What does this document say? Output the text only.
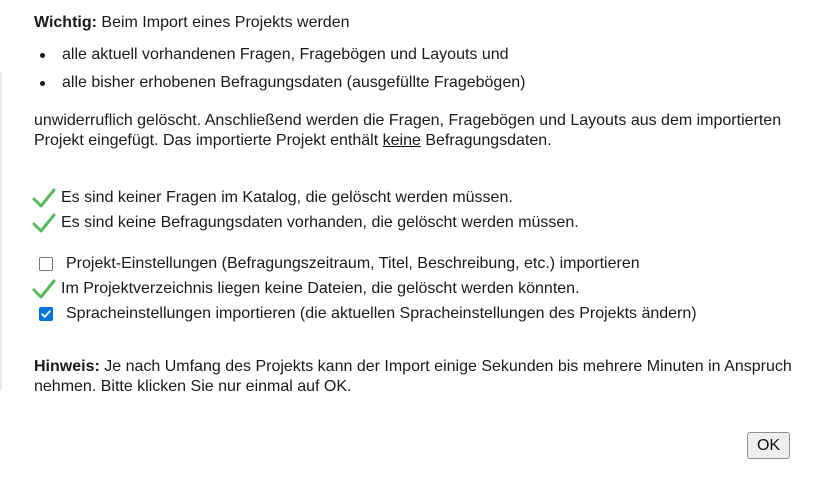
Wichtig: Beim Import eines Projekts werden
alle aktuell vorhandenen Fragen, Fragebögen und Layouts und
alle bisher erhobenen Befragungsdaten (ausgefüllte Fragebögen)
unwiderruflich gelöscht. Anschließend werden die Fragen, Fragebögen und Layouts aus dem importierten Projekt eingefügt. Das importierte Projekt enthält keine Befragungsdaten.
Es sind keiner Fragen im Katalog, die gelöscht werden müssen.
Es sind keine Befragungsdaten vorhanden, die gelöscht werden müssen.
Projekt-Einstellungen (Befragungszeitraum, Titel, Beschreibung, etc.) importieren
Im Projektverzeichnis liegen keine Dateien, die gelöscht werden könnten.
Spracheinstellungen importieren (die aktuellen Spracheinstellungen des Projekts ändern)
Hinweis: Je nach Umfang des Projekts kann der Import einige Sekunden bis mehrere Minuten in Anspruch nehmen. Bitte klicken Sie nur einmal auf OK.
OK
